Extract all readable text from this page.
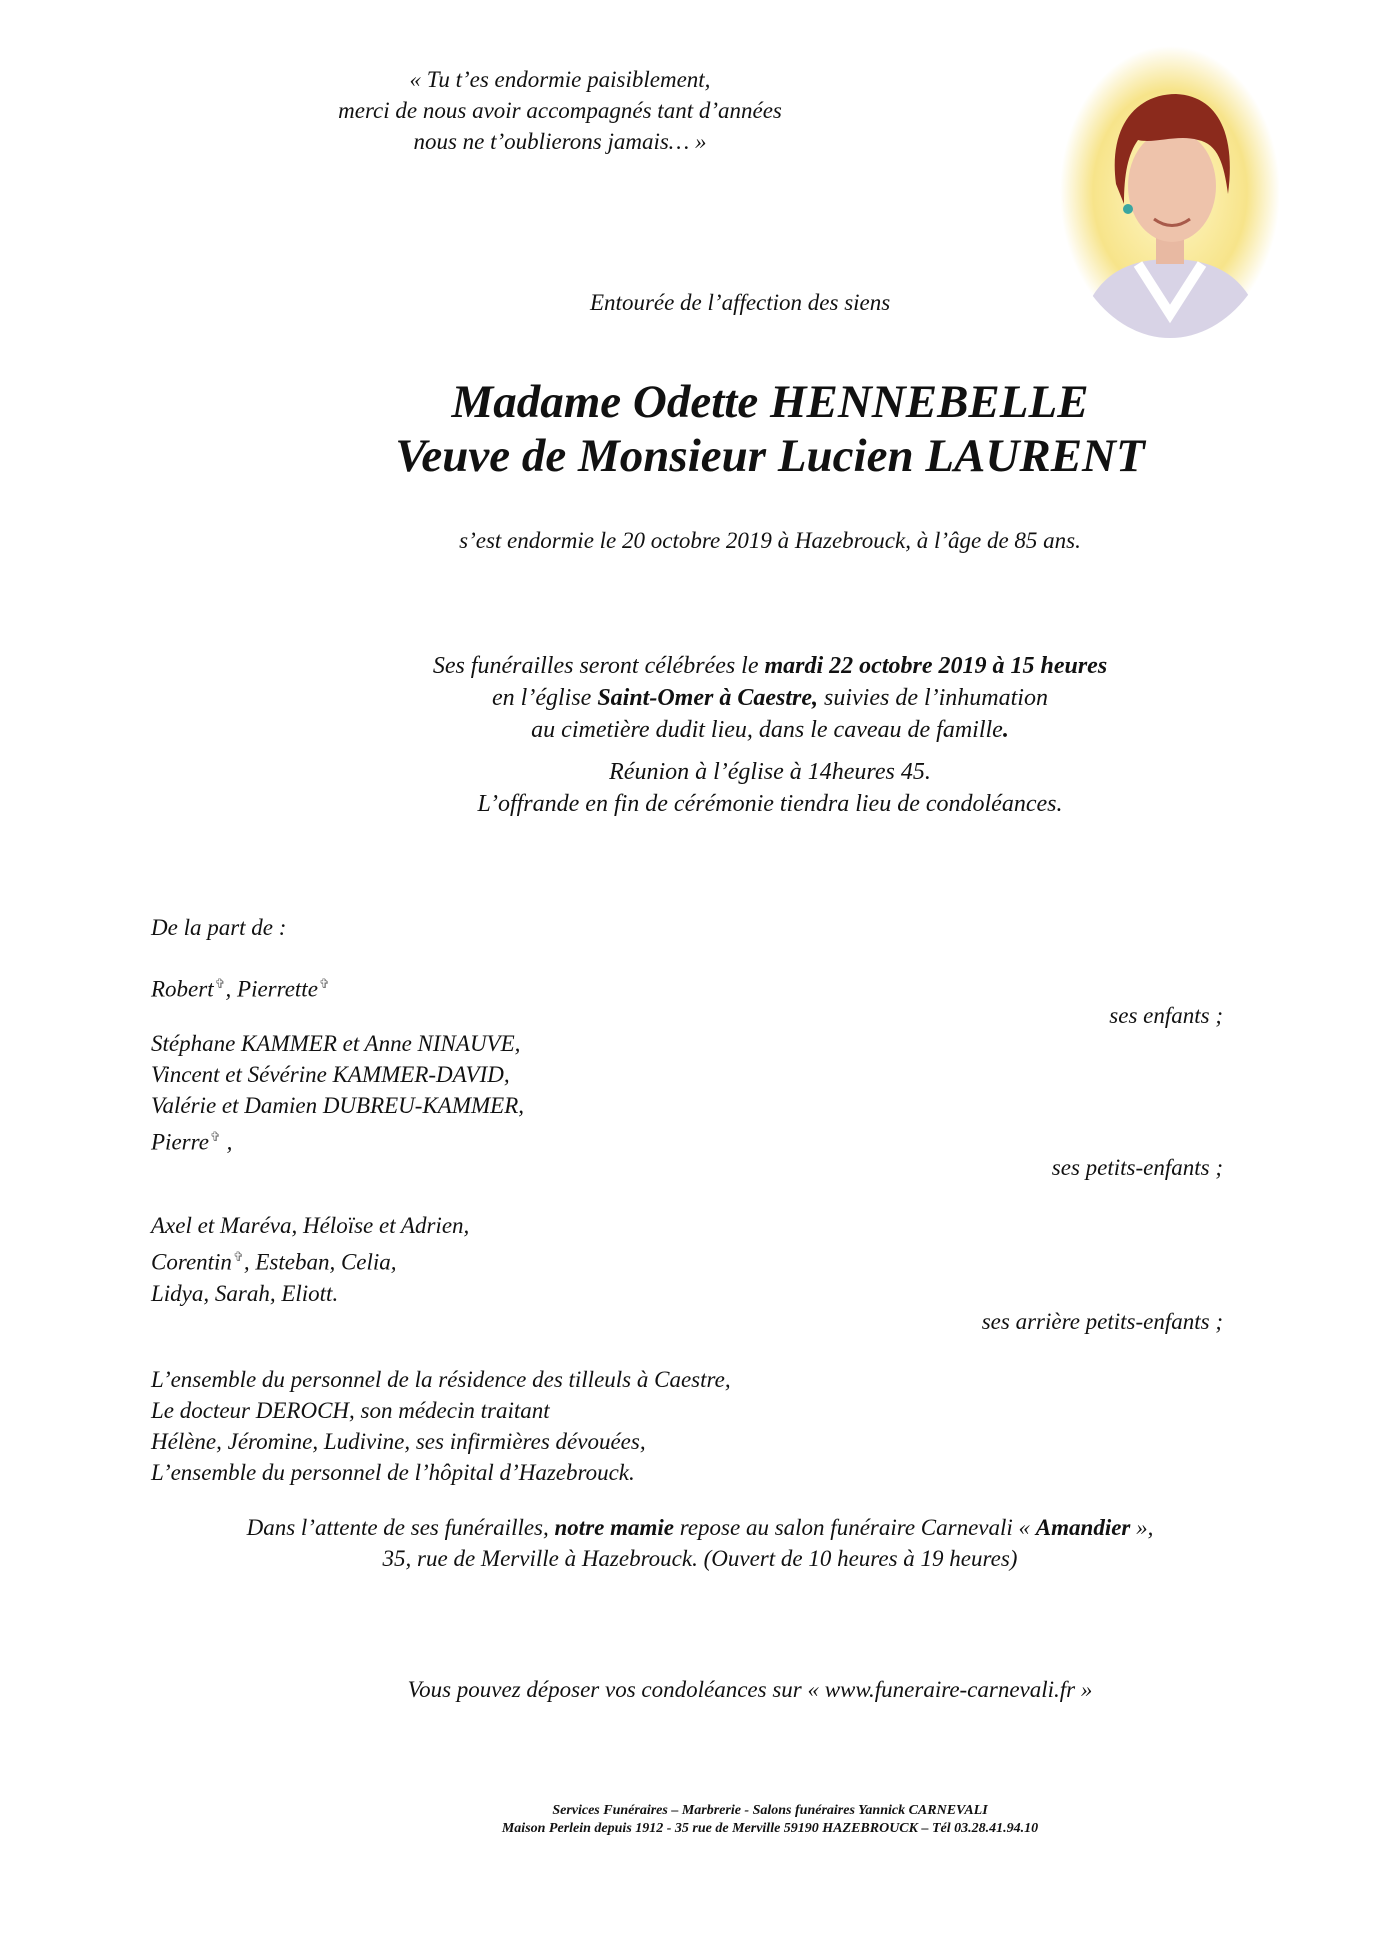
« Tu t’es endormie paisiblement,
merci de nous avoir accompagnés tant d’années
nous ne t’oublierons jamais… »
Entourée de l’affection des siens
Madame Odette HENNEBELLE
Veuve de Monsieur Lucien LAURENT
s’est endormie le 20 octobre 2019 à Hazebrouck, à l’âge de 85 ans.
Ses funérailles seront célébrées le mardi 22 octobre 2019 à 15 heures
en l’église Saint-Omer à Caestre, suivies de l’inhumation
au cimetière dudit lieu, dans le caveau de famille.
Réunion à l’église à 14heures 45.
L’offrande en fin de cérémonie tiendra lieu de condoléances.
De la part de :
Robert✞, Pierrette✞
ses enfants ;
Stéphane KAMMER et Anne NINAUVE,
Vincent et Sévérine KAMMER-DAVID,
Valérie et Damien DUBREU-KAMMER,
Pierre✞ ,
ses petits-enfants ;
Axel et Maréva, Héloïse et Adrien,
Corentin✞, Esteban, Celia,
Lidya, Sarah, Eliott.
ses arrière petits-enfants ;
L’ensemble du personnel de la résidence des tilleuls à Caestre,
Le docteur DEROCH, son médecin traitant
Hélène, Jéromine, Ludivine, ses infirmières dévouées,
L’ensemble du personnel de l’hôpital d’Hazebrouck.
Dans l’attente de ses funérailles, notre mamie repose au salon funéraire Carnevali « Amandier »,
35, rue de Merville à Hazebrouck. (Ouvert de 10 heures à 19 heures)
Vous pouvez déposer vos condoléances sur « www.funeraire-carnevali.fr »
Services Funéraires – Marbrerie - Salons funéraires Yannick CARNEVALI
Maison Perlein depuis 1912 - 35 rue de Merville 59190 HAZEBROUCK – Tél 03.28.41.94.10
